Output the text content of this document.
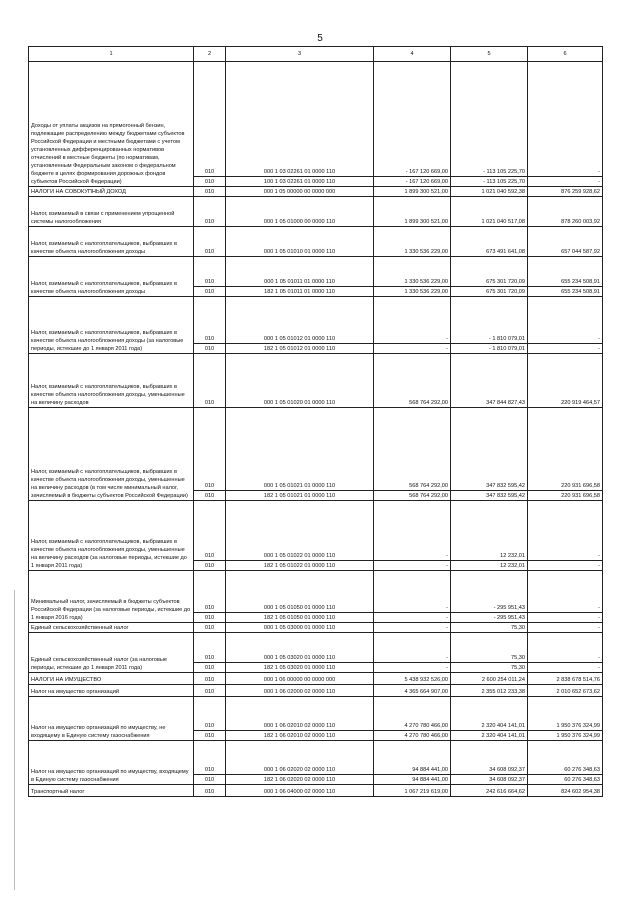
5
1	2	3	4	5	6
Доходы от уплаты акцизов на прямогонный бензин, подлежащие распределению между бюджетами субъектов Российской Федерации и местными бюджетами с учетом установленных дифференцированных нормативов отчислений в местные бюджеты (по нормативам, установленным Федеральным законом о федеральном бюджете в целях формирования дорожных фондов субъектов Российской Федерации)	010	000 1 03 02261 01 0000 110	- 167 120 669,00	- 113 105 225,70	-
	010	100 1 03 02261 01 0000 110	- 167 120 669,00	- 113 105 225,70	-
НАЛОГИ НА СОВОКУПНЫЙ ДОХОД	010	000 1 05 00000 00 0000 000	1 899 300 521,00	1 021 040 592,38	876 259 928,62
Налог, взимаемый в связи с применением упрощенной системы налогообложения	010	000 1 05 01000 00 0000 110	1 899 300 521,00	1 021 040 517,08	878 260 003,92
Налог, взимаемый с налогоплательщиков, выбравших в качестве объекта налогообложения доходы	010	000 1 05 01010 01 0000 110	1 330 536 229,00	673 491 641,08	657 044 587,92
Налог, взимаемый с налогоплательщиков, выбравших в качестве объекта налогообложения доходы	010	000 1 05 01011 01 0000 110	1 330 536 229,00	675 301 720,09	655 234 508,91
	010	182 1 05 01011 01 0000 110	1 330 536 229,00	675 301 720,09	655 234 508,91
Налог, взимаемый с налогоплательщиков, выбравших в качестве объекта налогообложения доходы (за налоговые периоды, истекшие до 1 января 2011 года)	010	000 1 05 01012 01 0000 110	-	- 1 810 079,01	-
	010	182 1 05 01012 01 0000 110	-	- 1 810 079,01	-
Налог, взимаемый с налогоплательщиков, выбравших в качестве объекта налогообложения доходы, уменьшенные на величину расходов	010	000 1 05 01020 01 0000 110	568 764 292,00	347 844 827,43	220 919 464,57
Налог, взимаемый с налогоплательщиков, выбравших в качестве объекта налогообложения доходы, уменьшенные на величину расходов (в том числе минимальный налог, зачисляемый в бюджеты субъектов Российской Федерации)	010	000 1 05 01021 01 0000 110	568 764 292,00	347 832 595,42	220 931 696,58
	010	182 1 05 01021 01 0000 110	568 764 292,00	347 832 595,42	220 931 696,58
Налог, взимаемый с налогоплательщиков, выбравших в качестве объекта налогообложения доходы, уменьшенные на величину расходов (за налоговые периоды, истекшие до 1 января 2011 года)	010	000 1 05 01022 01 0000 110	-	12 232,01	-
	010	182 1 05 01022 01 0000 110	-	12 232,01	-
Минимальный налог, зачисляемый в бюджеты субъектов Российской Федерации (за налоговые периоды, истекшие до 1 января 2016 года)	010	000 1 05 01050 01 0000 110	-	- 295 951,43	-
	010	182 1 05 01050 01 0000 110	-	- 295 951,43	-
Единый сельскохозяйственный налог	010	000 1 05 03000 01 0000 110	-	75,30	-
Единый сельскохозяйственный налог (за налоговые периоды, истекшие до 1 января 2011 года)	010	000 1 05 03020 01 0000 110	-	75,30	-
	010	182 1 05 03020 01 0000 110	-	75,30	-
НАЛОГИ НА ИМУЩЕСТВО	010	000 1 06 00000 00 0000 000	5 438 932 526,00	2 600 254 011,24	2 838 678 514,76
Налог на имущество организаций	010	000 1 06 02000 02 0000 110	4 365 664 907,00	2 355 012 233,38	2 010 652 673,62
Налог на имущество организаций по имуществу, не входящему в Единую систему газоснабжения	010	000 1 06 02010 02 0000 110	4 270 780 466,00	2 320 404 141,01	1 950 376 324,99
	010	182 1 06 02010 02 0000 110	4 270 780 466,00	2 320 404 141,01	1 950 376 324,99
Налог на имущество организаций по имуществу, входящему в Единую систему газоснабжения	010	000 1 06 02020 02 0000 110	94 884 441,00	34 608 092,37	60 276 348,63
	010	182 1 06 02020 02 0000 110	94 884 441,00	34 608 092,37	60 276 348,63
Транспортный налог	010	000 1 06 04000 02 0000 110	1 067 219 619,00	242 616 664,62	824 602 954,38
